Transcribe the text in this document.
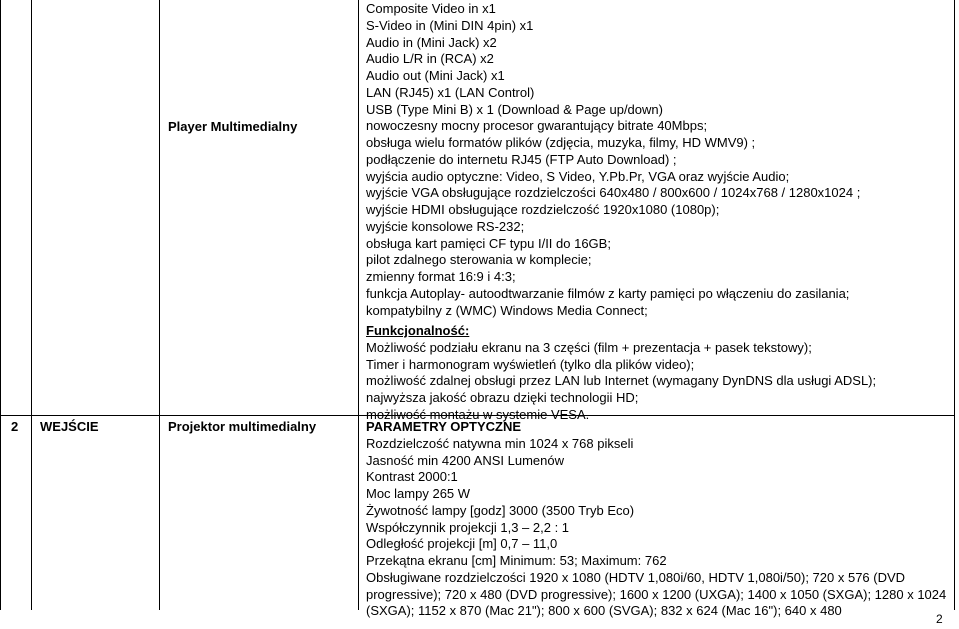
Player Multimedialny
Composite Video in x1
S-Video in (Mini DIN 4pin) x1
Audio in (Mini Jack) x2
Audio L/R in (RCA) x2
Audio out (Mini Jack) x1
LAN (RJ45) x1 (LAN Control)
USB (Type Mini B) x 1 (Download & Page up/down)
nowoczesny mocny procesor gwarantujący bitrate 40Mbps;
obsługa wielu formatów plików (zdjęcia, muzyka, filmy, HD WMV9) ;
podłączenie do internetu RJ45 (FTP Auto Download) ;
wyjścia audio optyczne: Video, S Video, Y.Pb.Pr, VGA oraz wyjście Audio;
wyjście VGA obsługujące rozdzielczości 640x480 / 800x600 / 1024x768 / 1280x1024 ;
wyjście HDMI obsługujące rozdzielczość 1920x1080 (1080p);
wyjście konsolowe RS-232;
obsługa kart pamięci CF typu I/II do 16GB;
pilot zdalnego sterowania w komplecie;
zmienny format 16:9 i 4:3;
funkcja Autoplay- autoodtwarzanie filmów z karty pamięci po włączeniu do zasilania;
kompatybilny z (WMC) Windows Media Connect;
Funkcjonalność:
Możliwość podziału ekranu na 3 części (film + prezentacja + pasek tekstowy);
Timer i harmonogram wyświetleń (tylko dla plików video);
możliwość zdalnej obsługi przez LAN lub Internet (wymagany DynDNS dla usługi ADSL);
najwyższa jakość obrazu dzięki technologii HD;
możliwość montażu w systemie VESA.
2 WEJŚCIE	Projektor multimedialny	PARAMETRY OPTYCZNE
Rozdzielczość natywna min 1024 x 768 pikseli
Jasność min 4200 ANSI Lumenów
Kontrast 2000:1
Moc lampy 265 W
Żywotność lampy [godz] 3000 (3500 Tryb Eco)
Współczynnik projekcji 1,3 – 2,2 : 1
Odległość projekcji [m] 0,7 – 11,0
Przekątna ekranu [cm] Minimum: 53; Maximum: 762
Obsługiwane rozdzielczości 1920 x 1080 (HDTV 1,080i/60, HDTV 1,080i/50); 720 x 576 (DVD progressive); 720 x 480 (DVD progressive); 1600 x 1200 (UXGA); 1400 x 1050 (SXGA); 1280 x 1024 (SXGA); 1152 x 870 (Mac 21"); 800 x 600 (SVGA); 832 x 624 (Mac 16"); 640 x 480
2
